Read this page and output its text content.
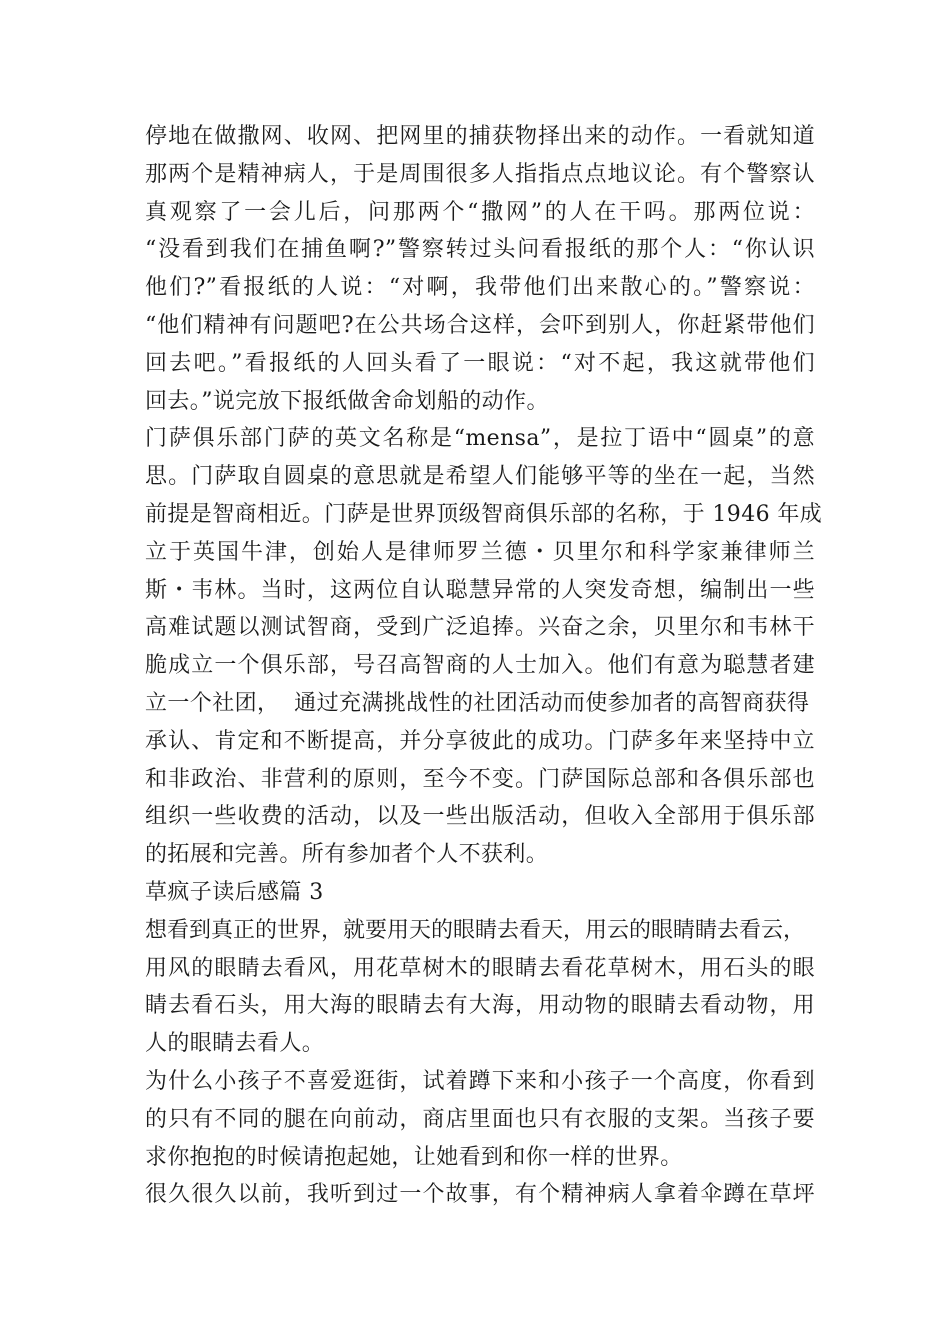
停地在做撒网、收网、把网里的捕获物择出来的动作。一看就知道
那两个是精神病人，于是周围很多人指指点点地议论。有个警察认
真观察了一会儿后，问那两个“撒网”的人在干吗。那两位说：
“没看到我们在捕鱼啊?”警察转过头问看报纸的那个人：“你认识
他们?”看报纸的人说：“对啊，我带他们出来散心的。”警察说：
“他们精神有问题吧?在公共场合这样，会吓到别人，你赶紧带他们
回去吧。”看报纸的人回头看了一眼说：“对不起，我这就带他们
回去。”说完放下报纸做舍命划船的动作。
门萨俱乐部门萨的英文名称是“mensa”，是拉丁语中“圆桌”的意
思。门萨取自圆桌的意思就是希望人们能够平等的坐在一起，当然
前提是智商相近。门萨是世界顶级智商俱乐部的名称，于 1946 年成
立于英国牛津，创始人是律师罗兰德・贝里尔和科学家兼律师兰
斯・韦林。当时，这两位自认聪慧异常的人突发奇想，编制出一些
高难试题以测试智商，受到广泛追捧。兴奋之余，贝里尔和韦林干
脆成立一个俱乐部，号召高智商的人士加入。他们有意为聪慧者建
立一个社团，  通过充满挑战性的社团活动而使参加者的高智商获得
承认、肯定和不断提高，并分享彼此的成功。门萨多年来坚持中立
和非政治、非营利的原则，至今不变。门萨国际总部和各俱乐部也
组织一些收费的活动，以及一些出版活动，但收入全部用于俱乐部
的拓展和完善。所有参加者个人不获利。
草疯子读后感篇 3
想看到真正的世界，就要用天的眼睛去看天，用云的眼睛睛去看云，
用风的眼睛去看风，用花草树木的眼睛去看花草树木，用石头的眼
睛去看石头，用大海的眼睛去有大海，用动物的眼睛去看动物，用
人的眼睛去看人。
为什么小孩子不喜爱逛街，试着蹲下来和小孩子一个高度，你看到
的只有不同的腿在向前动，商店里面也只有衣服的支架。当孩子要
求你抱抱的时候请抱起她，让她看到和你一样的世界。
很久很久以前，我听到过一个故事，有个精神病人拿着伞蹲在草坪
